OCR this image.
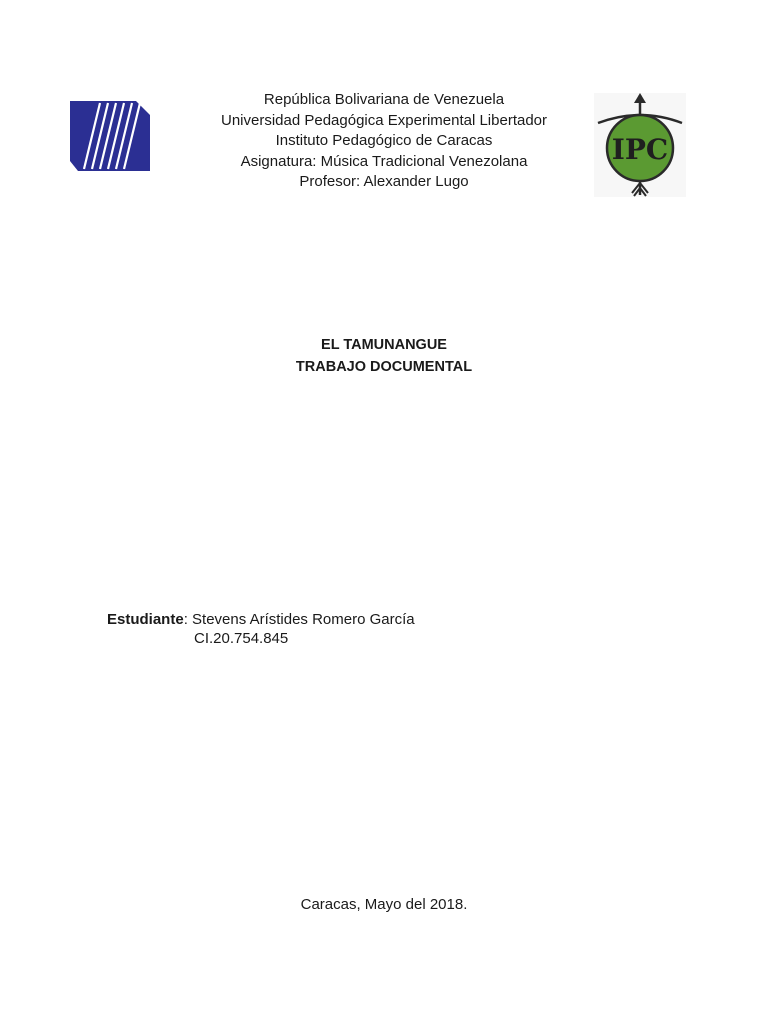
IPC
República Bolivariana de Venezuela
Universidad Pedagógica Experimental Libertador
Instituto Pedagógico de Caracas
Asignatura: Música Tradicional Venezolana
Profesor: Alexander Lugo
EL TAMUNANGUE
TRABAJO DOCUMENTAL
Estudiante: Stevens Arístides Romero García
CI.20.754.845
Caracas, Mayo del 2018.
